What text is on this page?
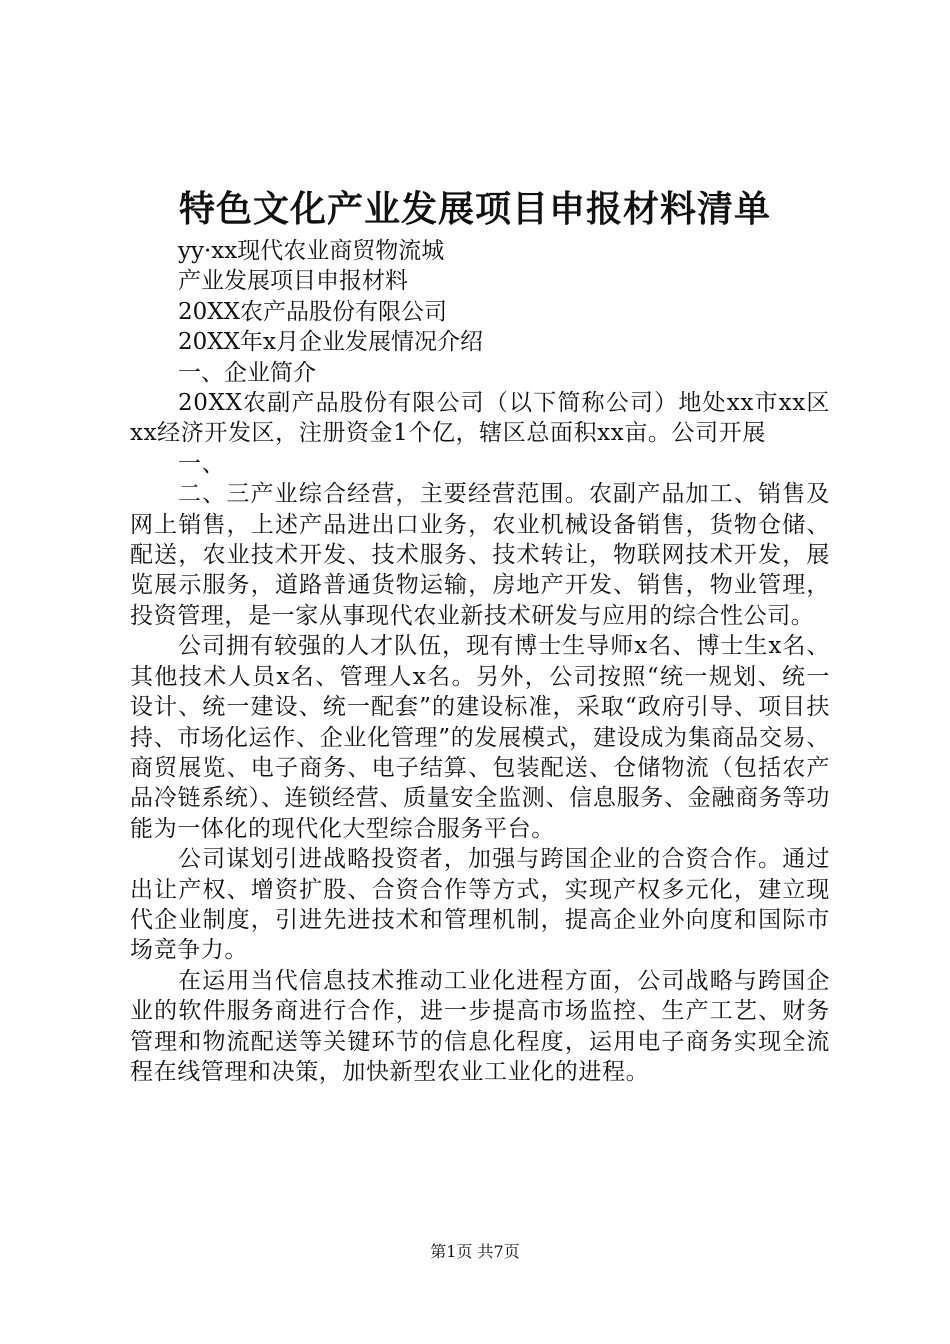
特色文化产业发展项目申报材料清单

yy·xx现代农业商贸物流城

产业发展项目申报材料

20XX农产品股份有限公司

20XX年x月企业发展情况介绍

一、企业简介

20XX农副产品股份有限公司（以下简称公司）地处xx市xx区xx经济开发区，注册资金1个亿，辖区总面积xx亩。公司开展

一、

二、三产业综合经营，主要经营范围。农副产品加工、销售及网上销售，上述产品进出口业务，农业机械设备销售，货物仓储、配送，农业技术开发、技术服务、技术转让，物联网技术开发，展览展示服务，道路普通货物运输，房地产开发、销售，物业管理，投资管理，是一家从事现代农业新技术研发与应用的综合性公司。

公司拥有较强的人才队伍，现有博士生导师x名、博士生x名、其他技术人员x名、管理人x名。另外，公司按照“统一规划、统一设计、统一建设、统一配套”的建设标准，采取“政府引导、项目扶持、市场化运作、企业化管理”的发展模式，建设成为集商品交易、商贸展览、电子商务、电子结算、包装配送、仓储物流（包括农产品冷链系统）、连锁经营、质量安全监测、信息服务、金融商务等功能为一体化的现代化大型综合服务平台。

公司谋划引进战略投资者，加强与跨国企业的合资合作。通过出让产权、增资扩股、合资合作等方式，实现产权多元化，建立现代企业制度，引进先进技术和管理机制，提高企业外向度和国际市场竞争力。

在运用当代信息技术推动工业化进程方面，公司战略与跨国企业的软件服务商进行合作，进一步提高市场监控、生产工艺、财务管理和物流配送等关键环节的信息化程度，运用电子商务实现全流程在线管理和决策，加快新型农业工业化的进程。

第1页 共7页
